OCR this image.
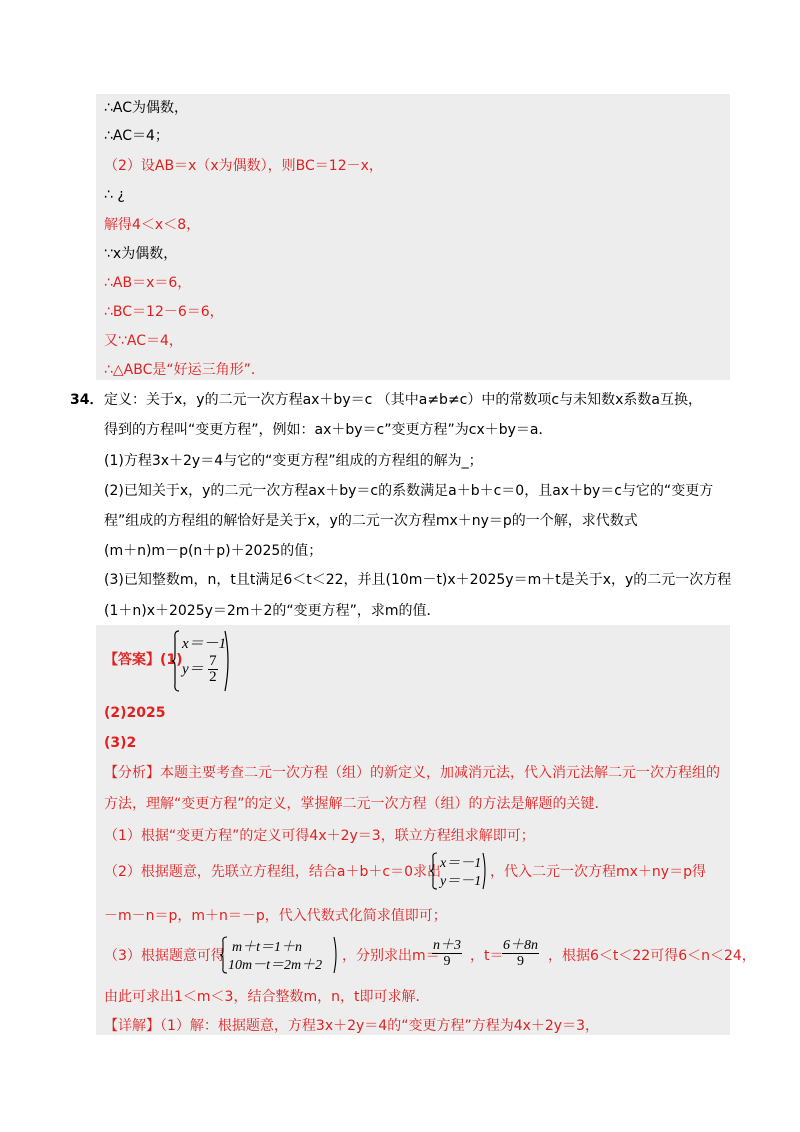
∴AC为偶数，
∴AC＝4；
（2）设AB＝x（x为偶数），则BC＝12－x，
∴ ¿
解得4＜x＜8，
∵x为偶数，
∴AB＝x＝6，
∴BC＝12－6＝6，
又∵AC＝4，
∴△ABC是“好运三角形”．
34． 定义：关于x，y的二元一次方程ax＋by＝c （其中a≠b≠c）中的常数项c与未知数x系数a互换，
得到的方程叫“变更方程”，例如：ax＋by＝c”变更方程”为cx＋by＝a．
(1)方程3x＋2y＝4与它的“变更方程”组成的方程组的解为_；
(2)已知关于x，y的二元一次方程ax＋by＝c的系数满足a＋b＋c＝0，且ax＋by＝c与它的“变更方
程”组成的方程组的解恰好是关于x，y的二元一次方程mx＋ny＝p的一个解，求代数式
(m＋n)m－p(n＋p)＋2025的值；
(3)已知整数m，n，t且t满足6＜t＜22，并且(10m－t)x＋2025y＝m＋t是关于x，y的二元一次方程
(1＋n)x＋2025y＝2m＋2的“变更方程”，求m的值．
【答案】(1)
x＝－1
$y= \frac{7}{2}$
(2)2025
(3)2
【分析】本题主要考查二元一次方程（组）的新定义，加减消元法，代入消元法解二元一次方程组的
方法，理解“变更方程”的定义，掌握解二元一次方程（组）的方法是解题的关键．
（1）根据“变更方程”的定义可得4x＋2y＝3，联立方程组求解即可；
（2）根据题意，先联立方程组，结合a＋b＋c＝0求出
x＝－1
y＝－1
，代入二元一次方程mx＋ny＝p得
－m－n＝p，m＋n＝－p，代入代数式化简求值即可；
（3）根据题意可得
m＋t＝1＋n
10m－t＝2m＋2
，分别求出m＝
$\frac{n+3}{9}$ ，t＝
$\frac{6+8n}{9}$ ，根据6＜t＜22可得6＜n＜24，
由此可求出1＜m＜3，结合整数m，n，t即可求解．
【详解】（1）解：根据题意，方程3x＋2y＝4的“变更方程”方程为4x＋2y＝3，
